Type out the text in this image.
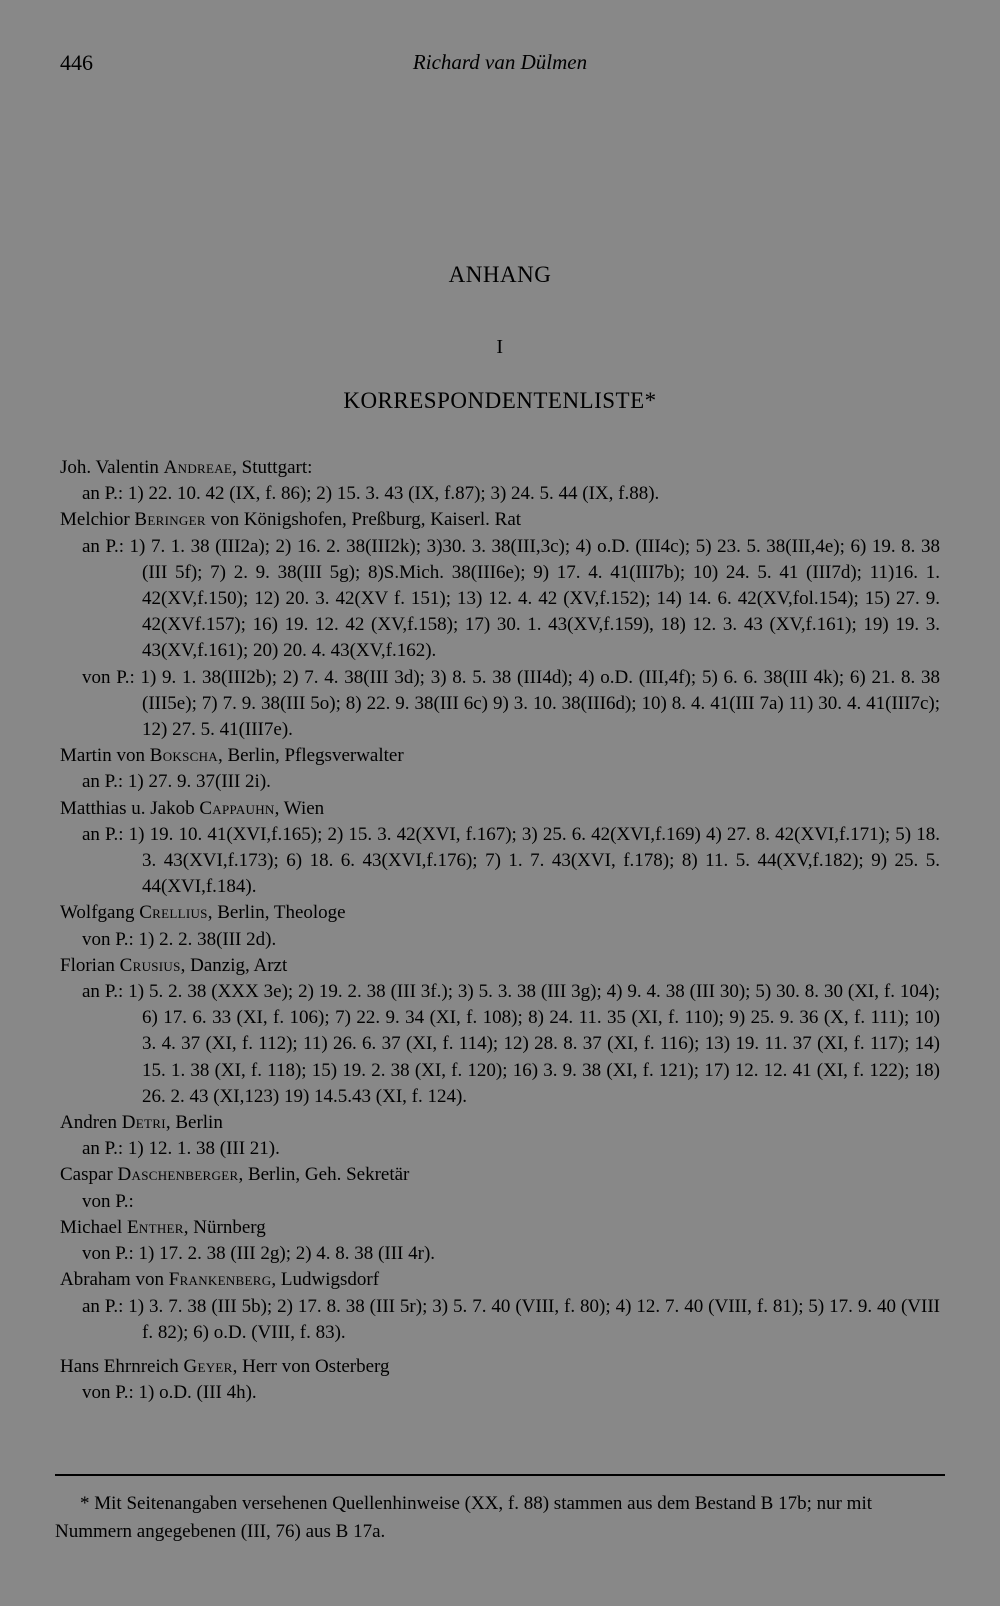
446	Richard van Dülmen
ANHANG
I
KORRESPONDENTENLISTE*

Joh. Valentin Andreae, Stuttgart:

an P.: 1) 22. 10. 42 (IX, f. 86); 2) 15. 3. 43 (IX, f.87); 3) 24. 5. 44 (IX, f.88).

Melchior Beringer von Königshofen, Preßburg, Kaiserl. Rat

an P.: 1) 7. 1. 38 (III2a); 2) 16. 2. 38(III2k); 3)30. 3. 38(III,3c); 4) o.D. (III4c); 5) 23. 5. 38(III,4e); 6) 19. 8. 38 (III 5f); 7) 2. 9. 38(III 5g); 8)S.Mich. 38(III6e); 9) 17. 4. 41(III7b); 10) 24. 5. 41 (III7d); 11)16. 1. 42(XV,f.150); 12) 20. 3. 42(XV f. 151); 13) 12. 4. 42 (XV,f.152); 14) 14. 6. 42(XV,fol.154); 15) 27. 9. 42(XVf.157); 16) 19. 12. 42 (XV,f.158); 17) 30. 1. 43(XV,f.159), 18) 12. 3. 43 (XV,f.161); 19) 19. 3. 43(XV,f.161); 20) 20. 4. 43(XV,f.162).

von P.: 1) 9. 1. 38(III2b); 2) 7. 4. 38(III 3d); 3) 8. 5. 38 (III4d); 4) o.D. (III,4f); 5) 6. 6. 38(III 4k); 6) 21. 8. 38 (III5e); 7) 7. 9. 38(III 5o); 8) 22. 9. 38(III 6c) 9) 3. 10. 38(III6d); 10) 8. 4. 41(III 7a) 11) 30. 4. 41(III7c); 12) 27. 5. 41(III7e).

Martin von Bokscha, Berlin, Pflegsverwalter

an P.: 1) 27. 9. 37(III 2i).

Matthias u. Jakob Cappauhn, Wien

an P.: 1) 19. 10. 41(XVI,f.165); 2) 15. 3. 42(XVI, f.167); 3) 25. 6. 42(XVI,f.169) 4) 27. 8. 42(XVI,f.171); 5) 18. 3. 43(XVI,f.173); 6) 18. 6. 43(XVI,f.176); 7) 1. 7. 43(XVI, f.178); 8) 11. 5. 44(XV,f.182); 9) 25. 5. 44(XVI,f.184).

Wolfgang Crellius, Berlin, Theologe

von P.: 1) 2. 2. 38(III 2d).

Florian Crusius, Danzig, Arzt

an P.: 1) 5. 2. 38 (XXX 3e); 2) 19. 2. 38 (III 3f.); 3) 5. 3. 38 (III 3g); 4) 9. 4. 38 (III 30); 5) 30. 8. 30 (XI, f. 104); 6) 17. 6. 33 (XI, f. 106); 7) 22. 9. 34 (XI, f. 108); 8) 24. 11. 35 (XI, f. 110); 9) 25. 9. 36 (X, f. 111); 10) 3. 4. 37 (XI, f. 112); 11) 26. 6. 37 (XI, f. 114); 12) 28. 8. 37 (XI, f. 116); 13) 19. 11. 37 (XI, f. 117); 14) 15. 1. 38 (XI, f. 118); 15) 19. 2. 38 (XI, f. 120); 16) 3. 9. 38 (XI, f. 121); 17) 12. 12. 41 (XI, f. 122); 18) 26. 2. 43 (XI,123) 19) 14.5.43 (XI, f. 124).

Andren Detri, Berlin

an P.: 1) 12. 1. 38 (III 21).

Caspar Daschenberger, Berlin, Geh. Sekretär

von P.:

Michael Enther, Nürnberg

von P.: 1) 17. 2. 38 (III 2g); 2) 4. 8. 38 (III 4r).

Abraham von Frankenberg, Ludwigsdorf

an P.: 1) 3. 7. 38 (III 5b); 2) 17. 8. 38 (III 5r); 3) 5. 7. 40 (VIII, f. 80); 4) 12. 7. 40 (VIII, f. 81); 5) 17. 9. 40 (VIII f. 82); 6) o.D. (VIII, f. 83).

Hans Ehrnreich Geyer, Herr von Osterberg

von P.: 1) o.D. (III 4h).

* Mit Seitenangaben versehenen Quellenhinweise (XX, f. 88) stammen aus dem Bestand B 17b; nur mit Nummern angegebenen (III, 76) aus B 17a.
